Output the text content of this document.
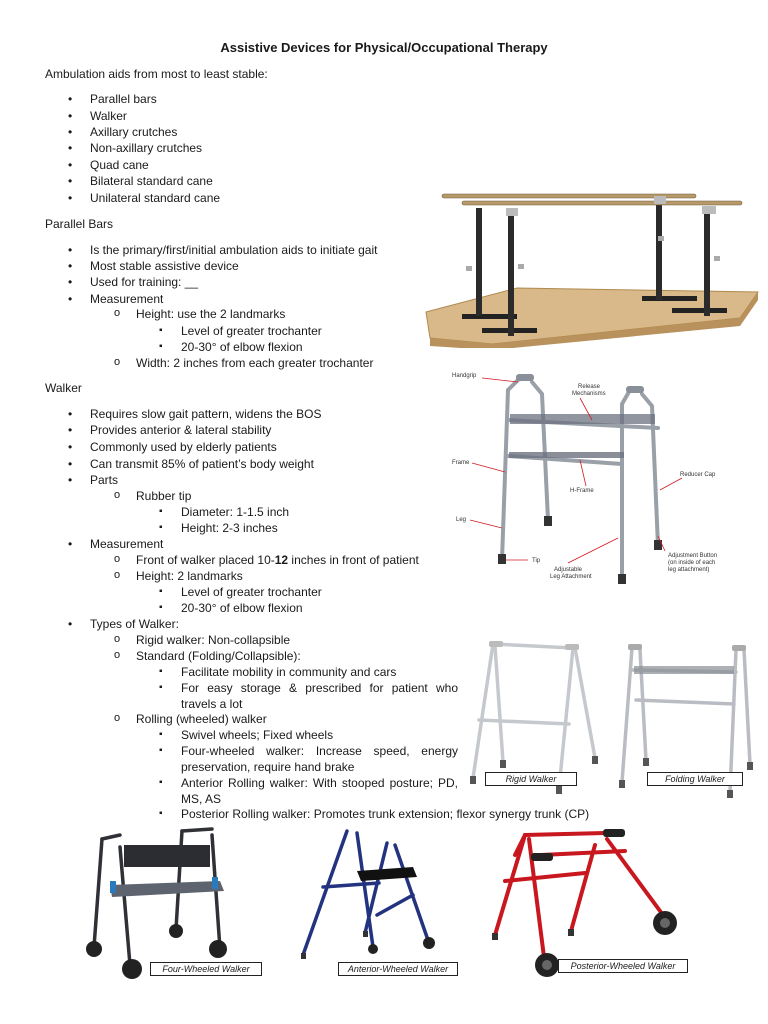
Assistive Devices for Physical/Occupational Therapy
Ambulation aids from most to least stable:
• Parallel bars
• Walker
• Axillary crutches
• Non-axillary crutches
• Quad cane
• Bilateral standard cane
• Unilateral standard cane
Parallel Bars
• Is the primary/first/initial ambulation aids to initiate gait
• Most stable assistive device
• Used for training: __
• Measurement
o Height: use the 2 landmarks
▪ Level of greater trochanter
▪ 20-30° of elbow flexion
o Width: 2 inches from each greater trochanter
Walker
• Requires slow gait pattern, widens the BOS
• Provides anterior & lateral stability
• Commonly used by elderly patients
• Can transmit 85% of patient’s body weight
• Parts
o Rubber tip
▪ Diameter: 1-1.5 inch
▪ Height: 2-3 inches
• Measurement
o Front of walker placed 10-12 inches in front of patient
o Height: 2 landmarks
▪ Level of greater trochanter
▪ 20-30° of elbow flexion
• Types of Walker:
o Rigid walker: Non-collapsible
o Standard (Folding/Collapsible):
▪ Facilitate mobility in community and cars
▪ For easy storage & prescribed for patient who travels a lot
o Rolling (wheeled) walker
▪ Swivel wheels; Fixed wheels
▪ Four-wheeled walker: Increase speed, energy preservation, require hand brake
▪ Anterior Rolling walker: With stooped posture; PD, MS, AS
▪ Posterior Rolling walker: Promotes trunk extension; flexor synergy trunk (CP)
Handgrip
Release
Mechanisms
Frame
H-Frame
Reducer Cap
Leg
Tip
Adjustable
Leg Attachment
Adjustment Button
(on inside of each
leg attachment)
Rigid Walker	Folding Walker
Four-Wheeled Walker	Anterior-Wheeled Walker	Posterior-Wheeled Walker
